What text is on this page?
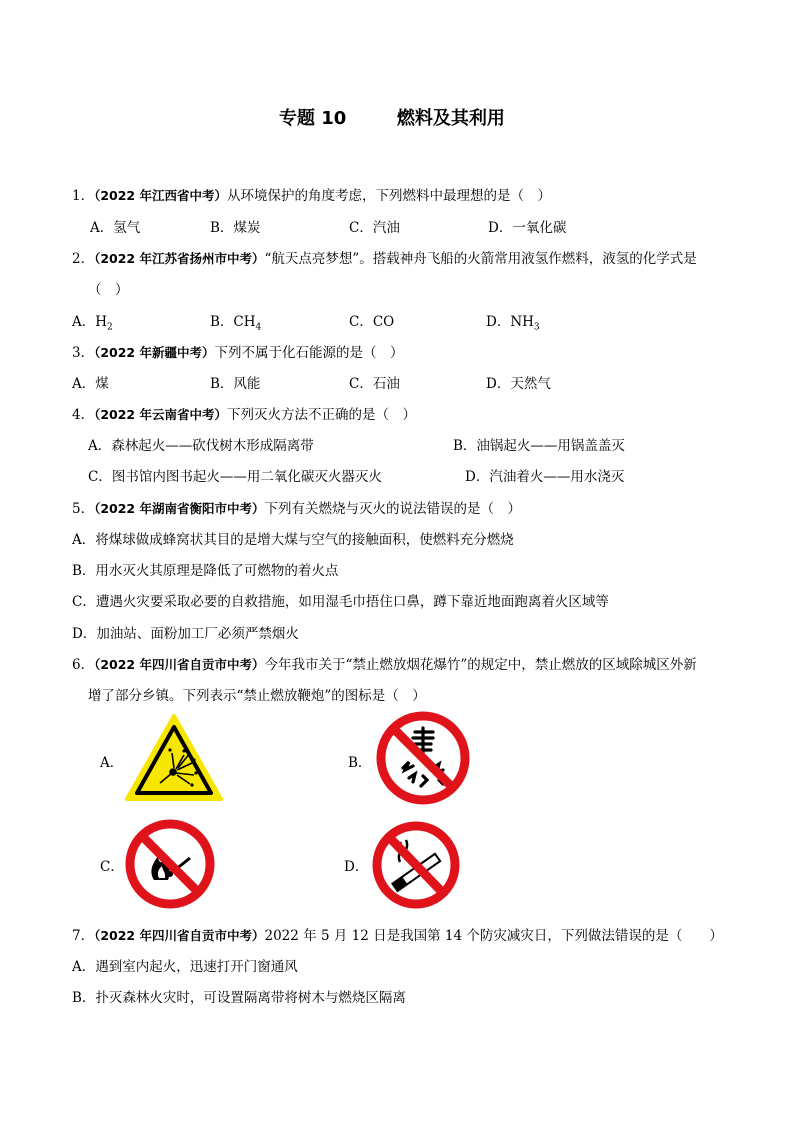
专题 10	燃料及其利用
1．（2022 年江西省中考）从环境保护的角度考虑，下列燃料中最理想的是（　）
A．氢气	B．煤炭	C．汽油	D．一氧化碳
2．（2022 年江苏省扬州市中考）“航天点亮梦想”。搭载神舟飞船的火箭常用液氢作燃料，液氢的化学式是
（　）
A．$H_2$	B．$CH_4$	C．CO	D．$NH_3$
3．（2022 年新疆中考）下列不属于化石能源的是（　）
A．煤	B．风能	C．石油	D．天然气
4．（2022 年云南省中考）下列灭火方法不正确的是（　）
A．森林起火——砍伐树木形成隔离带	B．油锅起火——用锅盖盖灭
C．图书馆内图书起火——用二氧化碳灭火器灭火	D．汽油着火——用水浇灭
5．（2022 年湖南省衡阳市中考）下列有关燃烧与灭火的说法错误的是（　）
A．将煤球做成蜂窝状其目的是增大煤与空气的接触面积，使燃料充分燃烧
B．用水灭火其原理是降低了可燃物的着火点
C．遭遇火灾要采取必要的自救措施，如用湿毛巾捂住口鼻，蹲下靠近地面跑离着火区域等
D．加油站、面粉加工厂必须严禁烟火
6．（2022 年四川省自贡市中考）今年我市关于“禁止燃放烟花爆竹”的规定中，禁止燃放的区域除城区外新
增了部分乡镇。下列表示“禁止燃放鞭炮”的图标是（　）
A．	B．
C．	D．
7．（2022 年四川省自贡市中考）2022 年 5 月 12 日是我国第 14 个防灾减灾日，下列做法错误的是（　　）
A．遇到室内起火，迅速打开门窗通风
B．扑灭森林火灾时，可设置隔离带将树木与燃烧区隔离
